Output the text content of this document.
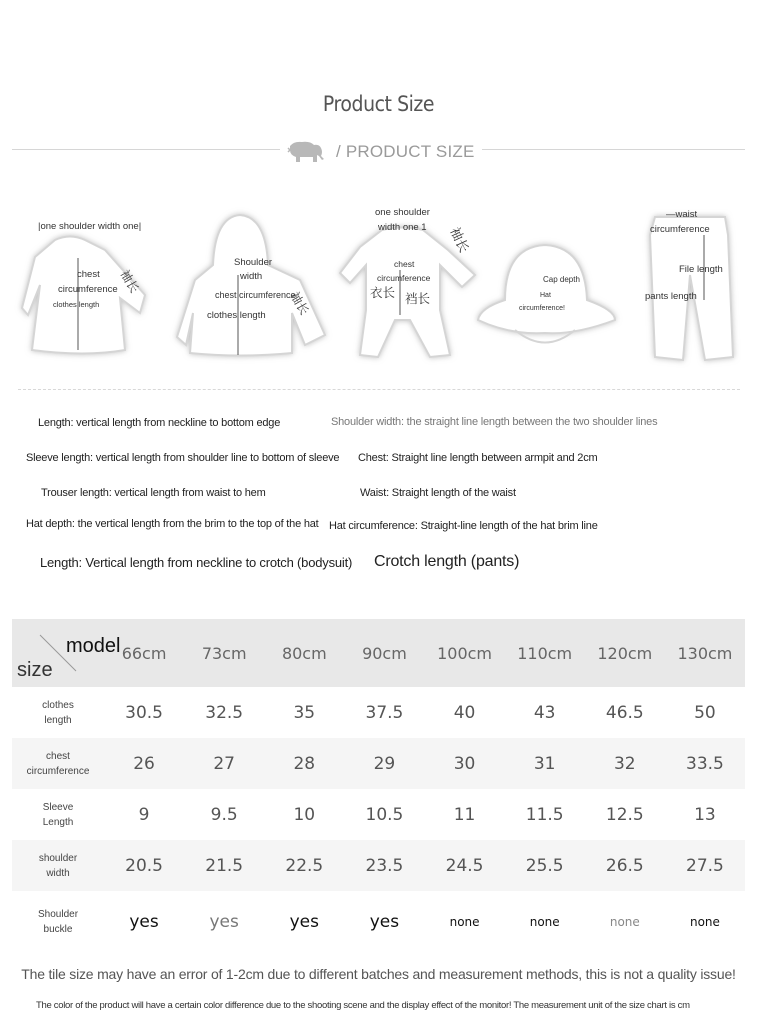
Product Size
/ PRODUCT SIZE
|one shoulder width one|
chest
circumference
clothes length
袖长
Shoulder
width
chest circumference
clothes length 袖长
one shoulder
width one 1
chest
circumference
衣长 裆长
袖长
Cap depth
Hat
circumference!
—waist
circumference
File length
pants length
Length: vertical length from neckline to bottom edge	Shoulder width: the straight line length between the two shoulder lines
Sleeve length: vertical length from shoulder line to bottom of sleeve Chest: Straight line length between armpit and 2cm
Trouser length: vertical length from waist to hem	Waist: Straight length of the waist
Hat depth: the vertical length from the brim to the top of the hat Hat circumference: Straight-line length of the hat brim line
Length: Vertical length from neckline to crotch (bodysuit) Crotch length (pants)
model
size	66cm	73cm	80cm	90cm	100cm	110cm	120cm	130cm

clothes length	30.5	32.5	35	37.5	40	43	46.5	50

chest circumference	26	27	28	29	30	31	32	33.5

Sleeve Length	9	9.5	10	10.5	11	11.5	12.5	13

shoulder width	20.5	21.5	22.5	23.5	24.5	25.5	26.5	27.5

Shoulder buckle	yes	yes	yes	yes	none	none	none	none
The tile size may have an error of 1-2cm due to different batches and measurement methods, this is not a quality issue!
The color of the product will have a certain color difference due to the shooting scene and the display effect of the monitor! The measurement unit of the size chart is cm
